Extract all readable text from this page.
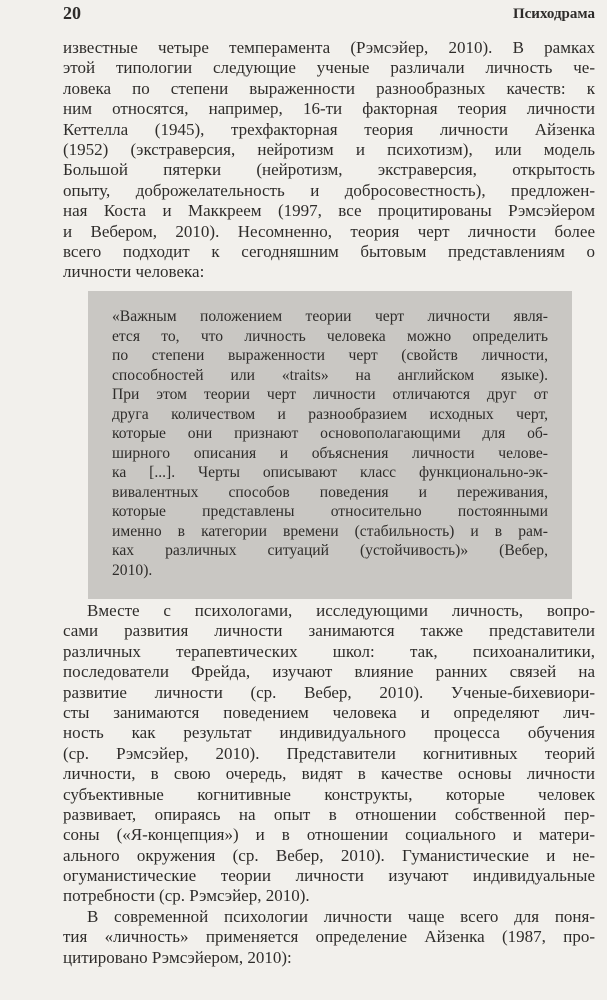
20	Психодрама
известные четыре темперамента (Рэмсэйер, 2010). В рамках
этой типологии следующие ученые различали личность че-
ловека по степени выраженности разнообразных качеств: к
ним относятся, например, 16-ти факторная теория личности
Кеттелла (1945), трехфакторная теория личности Айзенка
(1952) (экстраверсия, нейротизм и психотизм), или модель
Большой пятерки (нейротизм, экстраверсия, открытость
опыту, доброжелательность и добросовестность), предложен-
ная Коста и Маккреем (1997, все процитированы Рэмсэйером
и Вебером, 2010). Несомненно, теория черт личности более
всего подходит к сегодняшним бытовым представлениям о
личности человека:
«Важным положением теории черт личности явля-
ется то, что личность человека можно определить
по степени выраженности черт (свойств личности,
способностей или «traits» на английском языке).
При этом теории черт личности отличаются друг от
друга количеством и разнообразием исходных черт,
которые они признают основополагающими для об-
ширного описания и объяснения личности челове-
ка [...]. Черты описывают класс функционально-эк-
вивалентных способов поведения и переживания,
которые представлены относительно постоянными
именно в категории времени (стабильность) и в рам-
ках различных ситуаций (устойчивость)» (Вебер,
2010).
Вместе с психологами, исследующими личность, вопро-
сами развития личности занимаются также представители
различных терапевтических школ: так, психоаналитики,
последователи Фрейда, изучают влияние ранних связей на
развитие личности (ср. Вебер, 2010). Ученые-бихевиори-
сты занимаются поведением человека и определяют лич-
ность как результат индивидуального процесса обучения
(ср. Рэмсэйер, 2010). Представители когнитивных теорий
личности, в свою очередь, видят в качестве основы личности
субъективные когнитивные конструкты, которые человек
развивает, опираясь на опыт в отношении собственной пер-
соны («Я-концепция») и в отношении социального и матери-
ального окружения (ср. Вебер, 2010). Гуманистические и не-
огуманистические теории личности изучают индивидуальные
потребности (ср. Рэмсэйер, 2010).
В современной психологии личности чаще всего для поня-
тия «личность» применяется определение Айзенка (1987, про-
цитировано Рэмсэйером, 2010):
